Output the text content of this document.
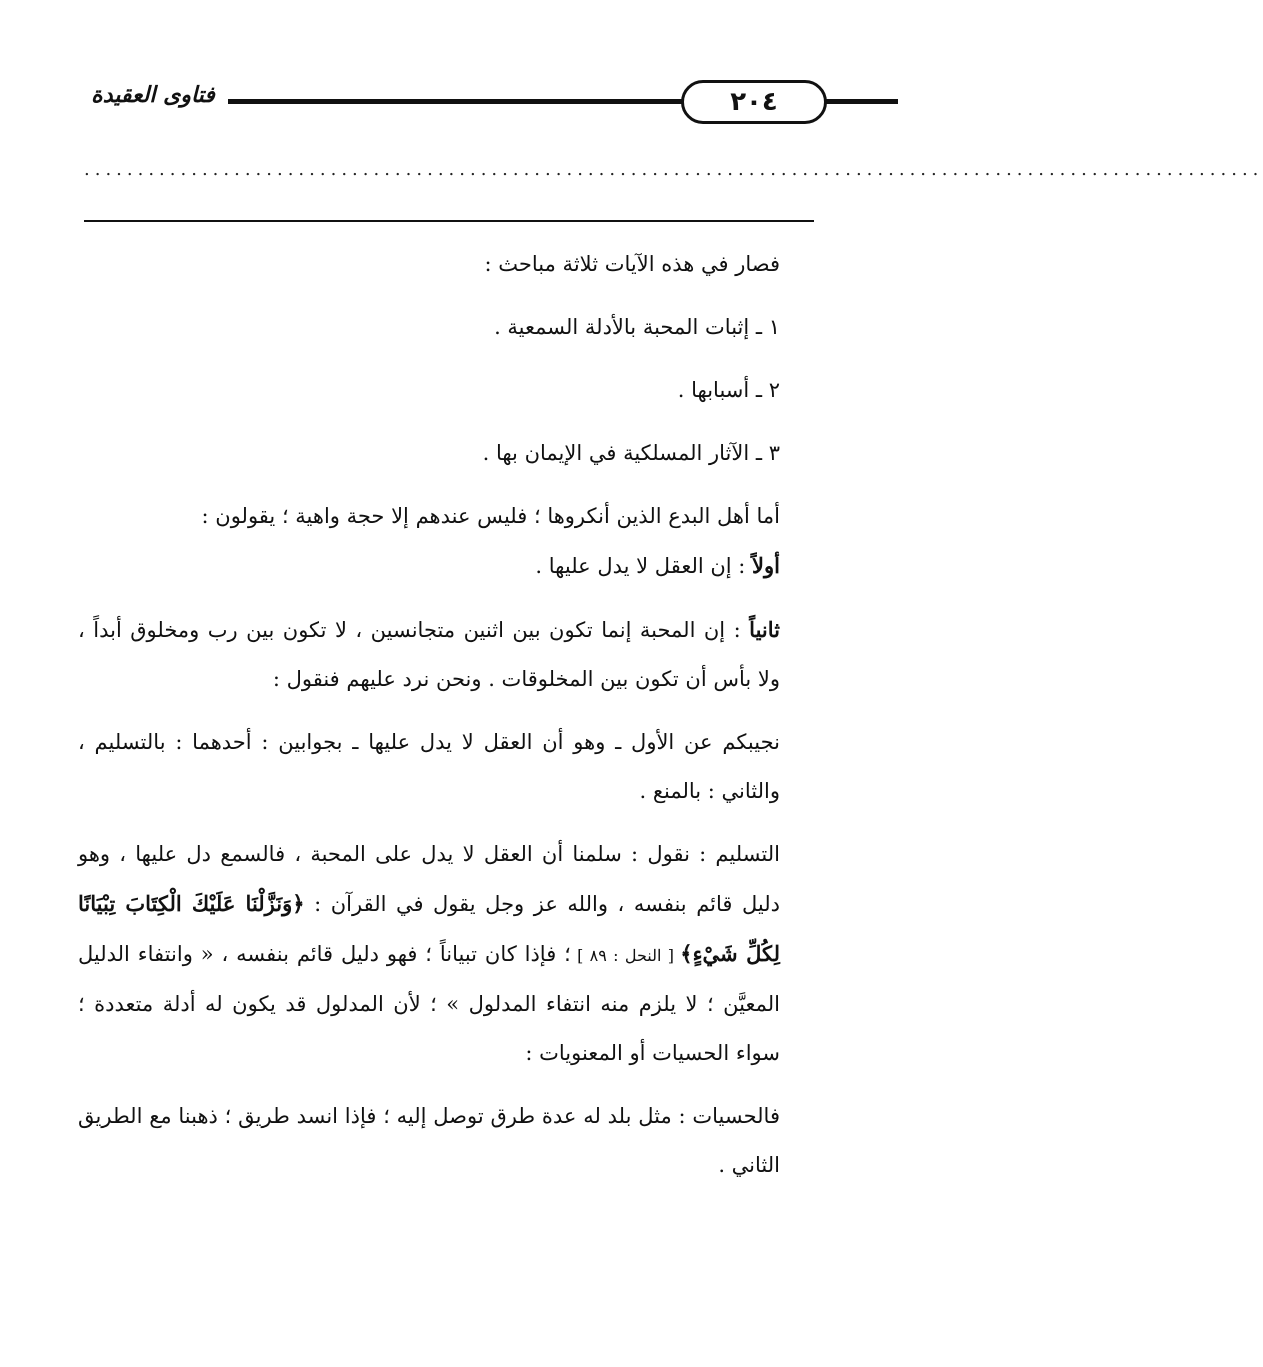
فتاوى العقيدة	٢٠٤
..............................................................................................................

فصار في هذه الآيات ثلاثة مباحث :

١ ـ إثبات المحبة بالأدلة السمعية .

٢ ـ أسبابها .

٣ ـ الآثار المسلكية في الإيمان بها .

أما أهل البدع الذين أنكروها ؛ فليس عندهم إلا حجة واهية ؛ يقولون :

أولاً : إن العقل لا يدل عليها .

ثانياً : إن المحبة إنما تكون بين اثنين متجانسين ، لا تكون بين رب ومخلوق أبداً ، ولا بأس أن تكون بين المخلوقات . ونحن نرد عليهم فنقول :

نجيبكم عن الأول ـ وهو أن العقل لا يدل عليها ـ بجوابين : أحدهما : بالتسليم ، والثاني : بالمنع .

التسليم : نقول : سلمنا أن العقل لا يدل على المحبة ، فالسمع دل عليها ، وهو دليل قائم بنفسه ، والله عز وجل يقول في القرآن : ﴿وَنَزَّلْنَا عَلَيْكَ الْكِتَابَ تِبْيَانًا لِكُلِّ شَيْءٍ﴾ [ النحل : ٨٩ ] ؛ فإذا كان تبياناً ؛ فهو دليل قائم بنفسه ، « وانتفاء الدليل المعيَّن ؛ لا يلزم منه انتفاء المدلول » ؛ لأن المدلول قد يكون له أدلة متعددة ؛ سواء الحسيات أو المعنويات :

فالحسيات : مثل بلد له عدة طرق توصل إليه ؛ فإذا انسد طريق ؛ ذهبنا مع الطريق الثاني .
